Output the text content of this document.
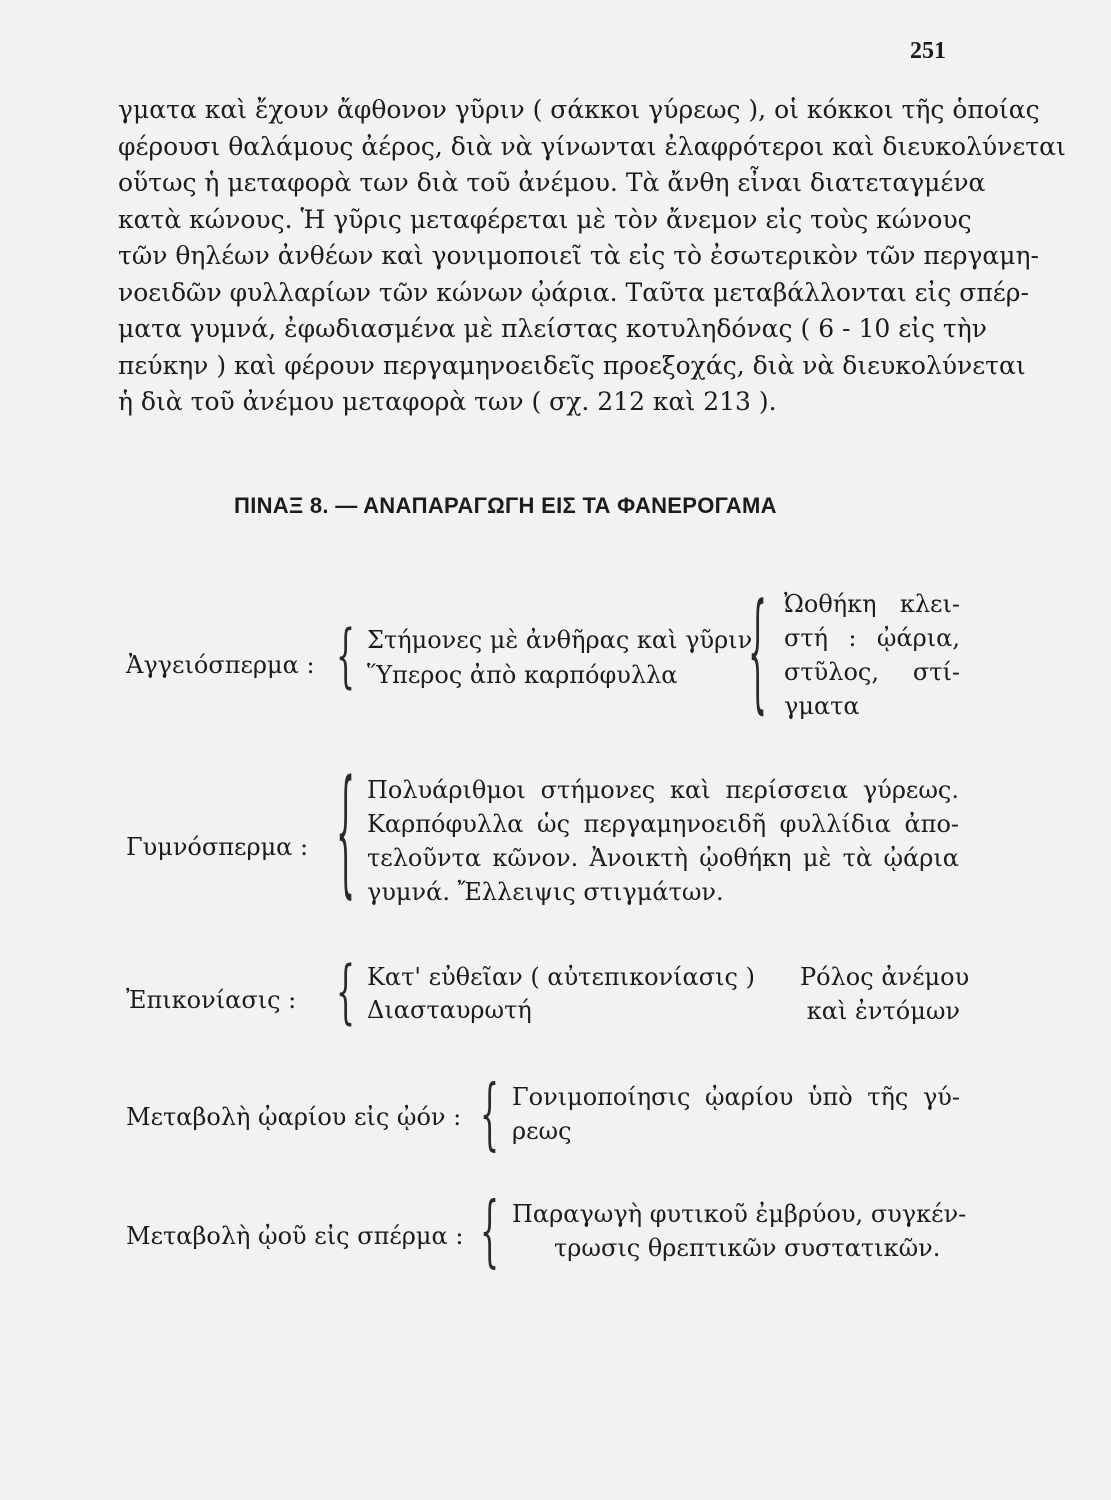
251
γματα καὶ ἔχουν ἄφθονον γῦριν ( σάκκοι γύρεως ), οἱ κόκκοι τῆς ὁποίας
φέρουσι θαλάμους ἀέρος, διὰ νὰ γίνωνται ἐλαφρότεροι καὶ διευκολύνεται
οὕτως ἡ μεταφορὰ των διὰ τοῦ ἀνέμου. Τὰ ἄνθη εἶναι διατεταγμένα
κατὰ κώνους. Ἡ γῦρις μεταφέρεται μὲ τὸν ἄνεμον εἰς τοὺς κώνους
τῶν θηλέων ἀνθέων καὶ γονιμοποιεῖ τὰ εἰς τὸ ἐσωτερικὸν τῶν περγαμη-
νοειδῶν φυλλαρίων τῶν κώνων ᾠάρια. Ταῦτα μεταβάλλονται εἰς σπέρ-
ματα γυμνά, ἐφωδιασμένα μὲ πλείστας κοτυληδόνας ( 6 - 10 εἰς τὴν
πεύκην ) καὶ φέρουν περγαμηνοειδεῖς προεξοχάς, διὰ νὰ διευκολύνεται
ἡ διὰ τοῦ ἀνέμου μεταφορὰ των ( σχ. 212 καὶ 213 ).
ΠΙΝΑΞ 8. — ΑΝΑΠΑΡΑΓΩΓΗ ΕΙΣ ΤΑ ΦΑΝΕΡΟΓΑΜΑ
Ἀγγειόσπερμα : { Στήμονες μὲ ἀνθῆρας καὶ γῦριν
Ὕπερος ἀπὸ καρπόφυλλα { Ὠοθήκη κλει-
στή : ᾠάρια,
στῦλος, στί-
γματα
Γυμνόσπερμα : { Πολυάριθμοι στήμονες καὶ περίσσεια γύρεως.
Καρπόφυλλα ὡς περγαμηνοειδῆ φυλλίδια ἀπο-
τελοῦντα κῶνον. Ἀνοικτὴ ᾠοθήκη μὲ τὰ ᾠάρια
γυμνά. Ἔλλειψις στιγμάτων.
Ἐπικονίασις : { Κατ' εὐθεῖαν ( αὐτεπικονίασις )
Διασταυρωτή
Ρόλος ἀνέμου
καὶ ἐντόμων
Μεταβολὴ ᾠαρίου εἰς ᾠόν : { Γονιμοποίησις ᾠαρίου ὑπὸ τῆς γύ-
ρεως
Μεταβολὴ ᾠοῦ εἰς σπέρμα : { Παραγωγὴ φυτικοῦ ἐμβρύου, συγκέν-
τρωσις θρεπτικῶν συστατικῶν.
